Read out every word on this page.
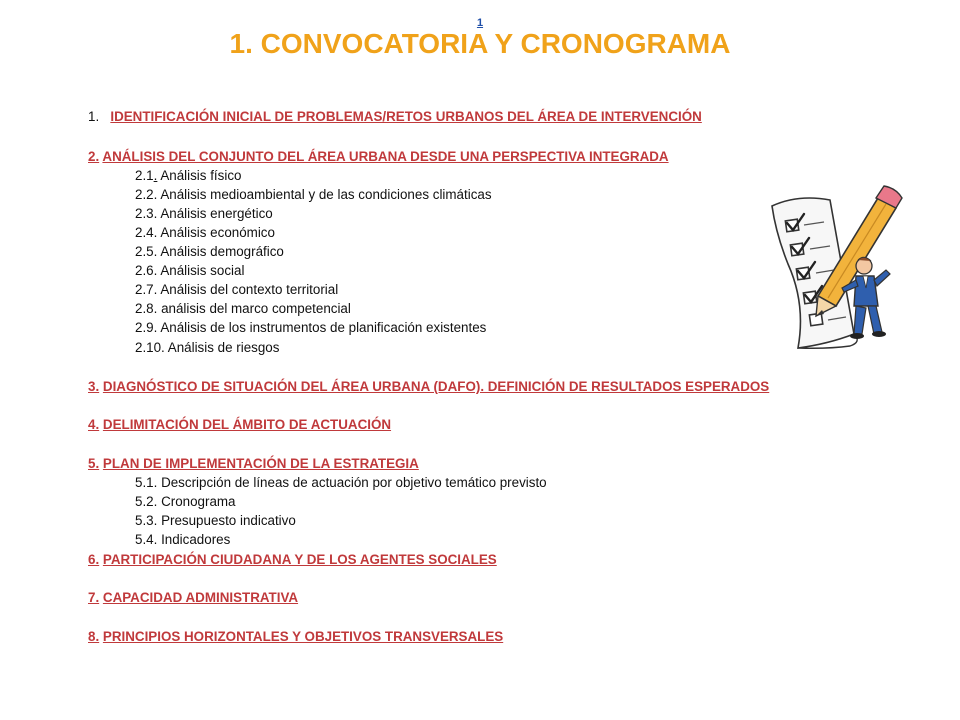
1
1. CONVOCATORIA Y CRONOGRAMA
1. IDENTIFICACIÓN INICIAL DE PROBLEMAS/RETOS URBANOS DEL ÁREA DE INTERVENCIÓN
2. ANÁLISIS DEL CONJUNTO DEL ÁREA URBANA DESDE UNA PERSPECTIVA INTEGRADA
2.1. Análisis físico
2.2. Análisis medioambiental y de las condiciones climáticas
2.3. Análisis energético
2.4. Análisis económico
2.5. Análisis demográfico
2.6. Análisis social
2.7. Análisis del contexto territorial
2.8. análisis del marco competencial
2.9. Análisis de los instrumentos de planificación existentes
2.10. Análisis de riesgos
3. DIAGNÓSTICO DE SITUACIÓN DEL ÁREA URBANA (DAFO). DEFINICIÓN DE RESULTADOS ESPERADOS
4. DELIMITACIÓN DEL ÁMBITO DE ACTUACIÓN
5. PLAN DE IMPLEMENTACIÓN DE LA ESTRATEGIA
5.1. Descripción de líneas de actuación por objetivo temático previsto
5.2. Cronograma
5.3. Presupuesto indicativo
5.4. Indicadores
6. PARTICIPACIÓN CIUDADANA Y DE LOS AGENTES SOCIALES
7. CAPACIDAD ADMINISTRATIVA
8. PRINCIPIOS HORIZONTALES Y OBJETIVOS TRANSVERSALES
